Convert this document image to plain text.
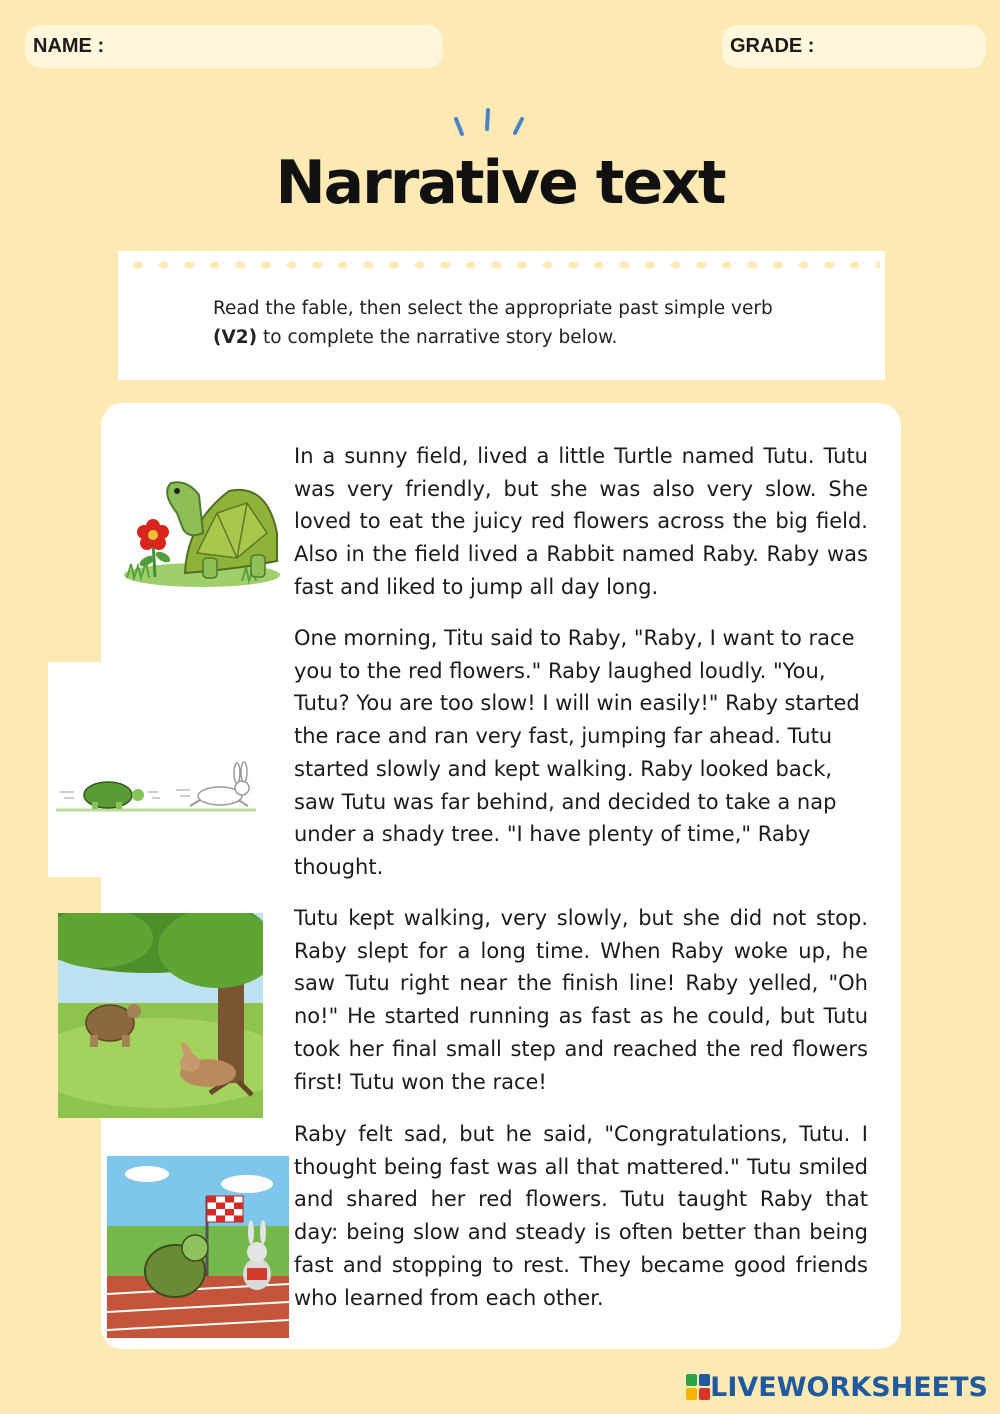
NAME :	GRADE :
Narrative text
Read the fable, then select the appropriate past simple verb
(V2) to complete the narrative story below.
In a sunny field, lived a little Turtle named Tutu. Tutu was very friendly, but she was also very slow. She loved to eat the juicy red flowers across the big field. Also in the field lived a Rabbit named Raby. Raby was fast and liked to jump all day long.
One morning, Titu said to Raby, "Raby, I want to race you to the red flowers." Raby laughed loudly. "You, Tutu? You are too slow! I will win easily!" Raby started the race and ran very fast, jumping far ahead. Tutu started slowly and kept walking. Raby looked back, saw Tutu was far behind, and decided to take a nap under a shady tree. "I have plenty of time," Raby thought.
Tutu kept walking, very slowly, but she did not stop. Raby slept for a long time. When Raby woke up, he saw Tutu right near the finish line! Raby yelled, "Oh no!" He started running as fast as he could, but Tutu took her final small step and reached the red flowers first! Tutu won the race!
Raby felt sad, but he said, "Congratulations, Tutu. I thought being fast was all that mattered." Tutu smiled and shared her red flowers. Tutu taught Raby that day: being slow and steady is often better than being fast and stopping to rest. They became good friends who learned from each other.
LIVEWORKSHEETS
